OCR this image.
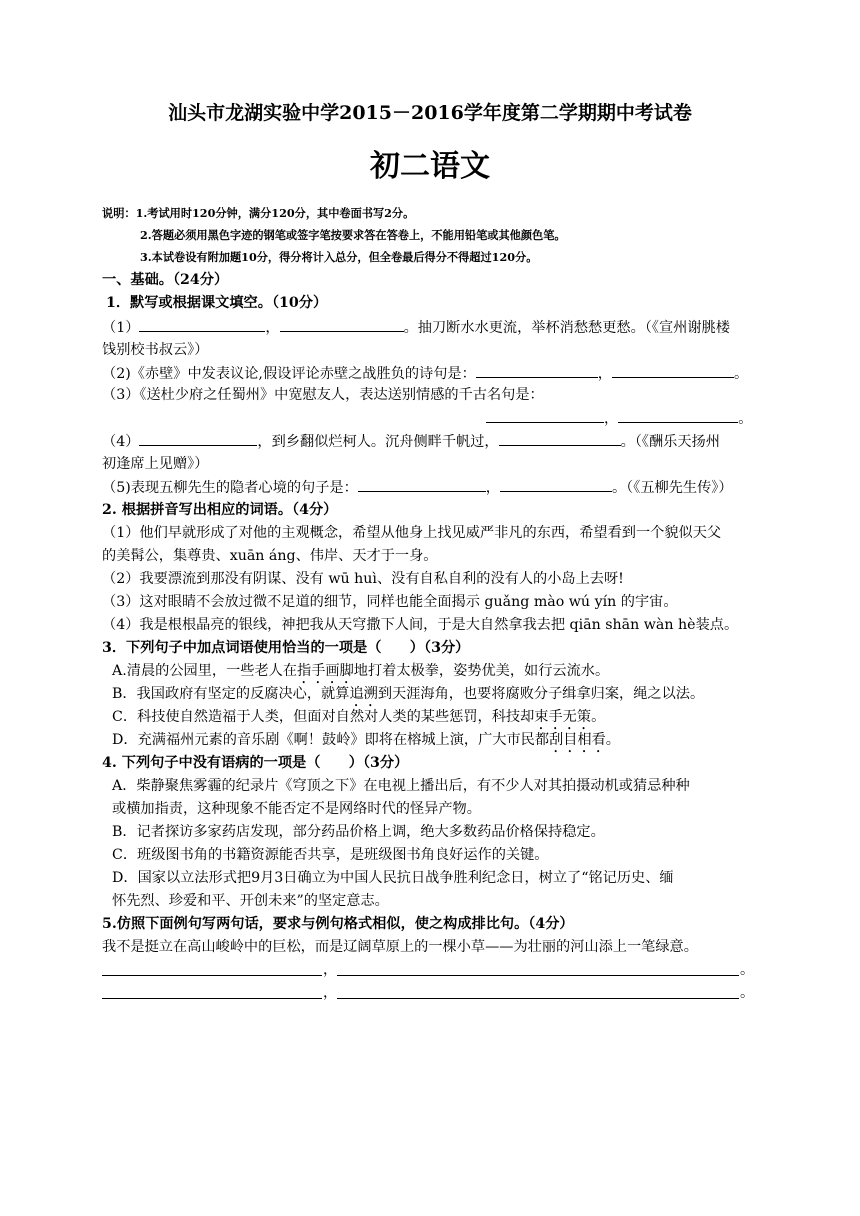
汕头市龙湖实验中学2015－2016学年度第二学期期中考试卷
初二语文
说明：1.考试用时120分钟，满分120分，其中卷面书写2分。
2.答题必须用黑色字迹的钢笔或签字笔按要求答在答卷上，不能用铅笔或其他颜色笔。
3.本试卷设有附加题10分，得分将计入总分，但全卷最后得分不得超过120分。
一、基础。（24分）
1．默写或根据课文填空。（10分）
（1）	，	。抽刀断水水更流，举杯消愁愁更愁。（《宣州谢朓楼
饯别校书叔云》）
（2)《赤壁》中发表议论,假设评论赤壁之战胜负的诗句是：	，	。
（3）《送杜少府之任蜀州》中宽慰友人，表达送别情感的千古名句是：
，	。
（4）	，到乡翻似烂柯人。沉舟侧畔千帆过，	。（《酬乐天扬州
初逢席上见赠》）
（5)表现五柳先生的隐者心境的句子是：	，	。（《五柳先生传》）
2. 根据拼音写出相应的词语。（4分）
（1）他们早就形成了对他的主观概念，希望从他身上找见威严非凡的东西，希望看到一个貌似天父
的美髯公，集尊贵、xuān áng、伟岸、天才于一身。
（2）我要漂流到那没有阴谋、没有 wū huì、没有自私自利的没有人的小岛上去呀!
（3）这对眼睛不会放过微不足道的细节，同样也能全面揭示 guǎng mào wú yín 的宇宙。
（4）我是根根晶亮的银线，神把我从天穹撒下人间，于是大自然拿我去把 qiān shān wàn hè装点。
3．下列句子中加点词语使用恰当的一项是（　　）（3分）
A.清晨的公园里，一些老人在指手画脚地打着太极拳，姿势优美，如行云流水。
B．我国政府有坚定的反腐决心，就算追溯到天涯海角，也要将腐败分子缉拿归案，绳之以法。
C．科技使自然造福于人类，但面对自然对人类的某些惩罚，科技却束手无策。
D．充满福州元素的音乐剧《啊！鼓岭》即将在榕城上演，广大市民都刮目相看。
4. 下列句子中没有语病的一项是（　　）（3分）
A．柴静聚焦雾霾的纪录片《穹顶之下》在电视上播出后，有不少人对其拍摄动机或猜忌种种
或横加指责，这种现象不能否定不是网络时代的怪异产物。
B．记者探访多家药店发现，部分药品价格上调，绝大多数药品价格保持稳定。
C．班级图书角的书籍资源能否共享，是班级图书角良好运作的关键。
D．国家以立法形式把9月3日确立为中国人民抗日战争胜利纪念日，树立了“铭记历史、缅
怀先烈、珍爱和平、开创未来”的坚定意志。
5.仿照下面例句写两句话，要求与例句格式相似，使之构成排比句。（4分）
我不是挺立在高山峻岭中的巨松，而是辽阔草原上的一棵小草——为壮丽的河山添上一笔绿意。
，	。
，	。
